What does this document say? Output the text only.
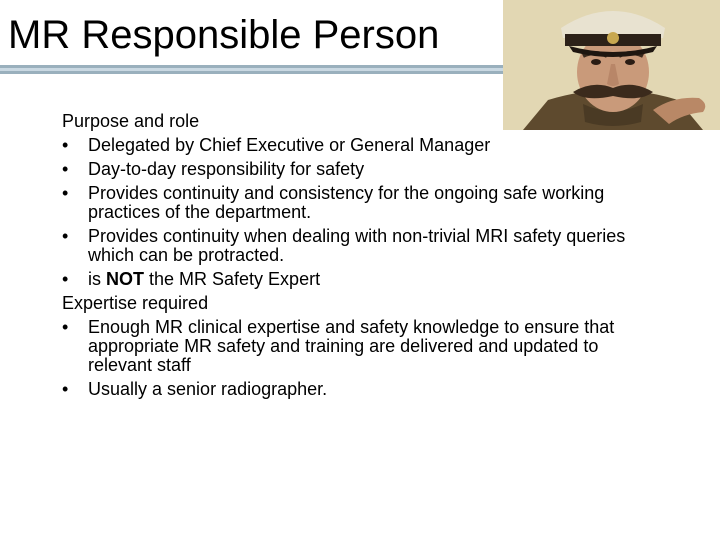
MR Responsible Person
Purpose and role
• Delegated by Chief Executive or General Manager
• Day-to-day responsibility for safety
• Provides continuity and consistency for the ongoing safe working practices of the department.
• Provides continuity when dealing with non-trivial MRI safety queries which can be protracted.
• is NOT the MR Safety Expert
Expertise required
• Enough MR clinical expertise and safety knowledge to ensure that appropriate MR safety and training are delivered and updated to relevant staff
• Usually a senior radiographer.
